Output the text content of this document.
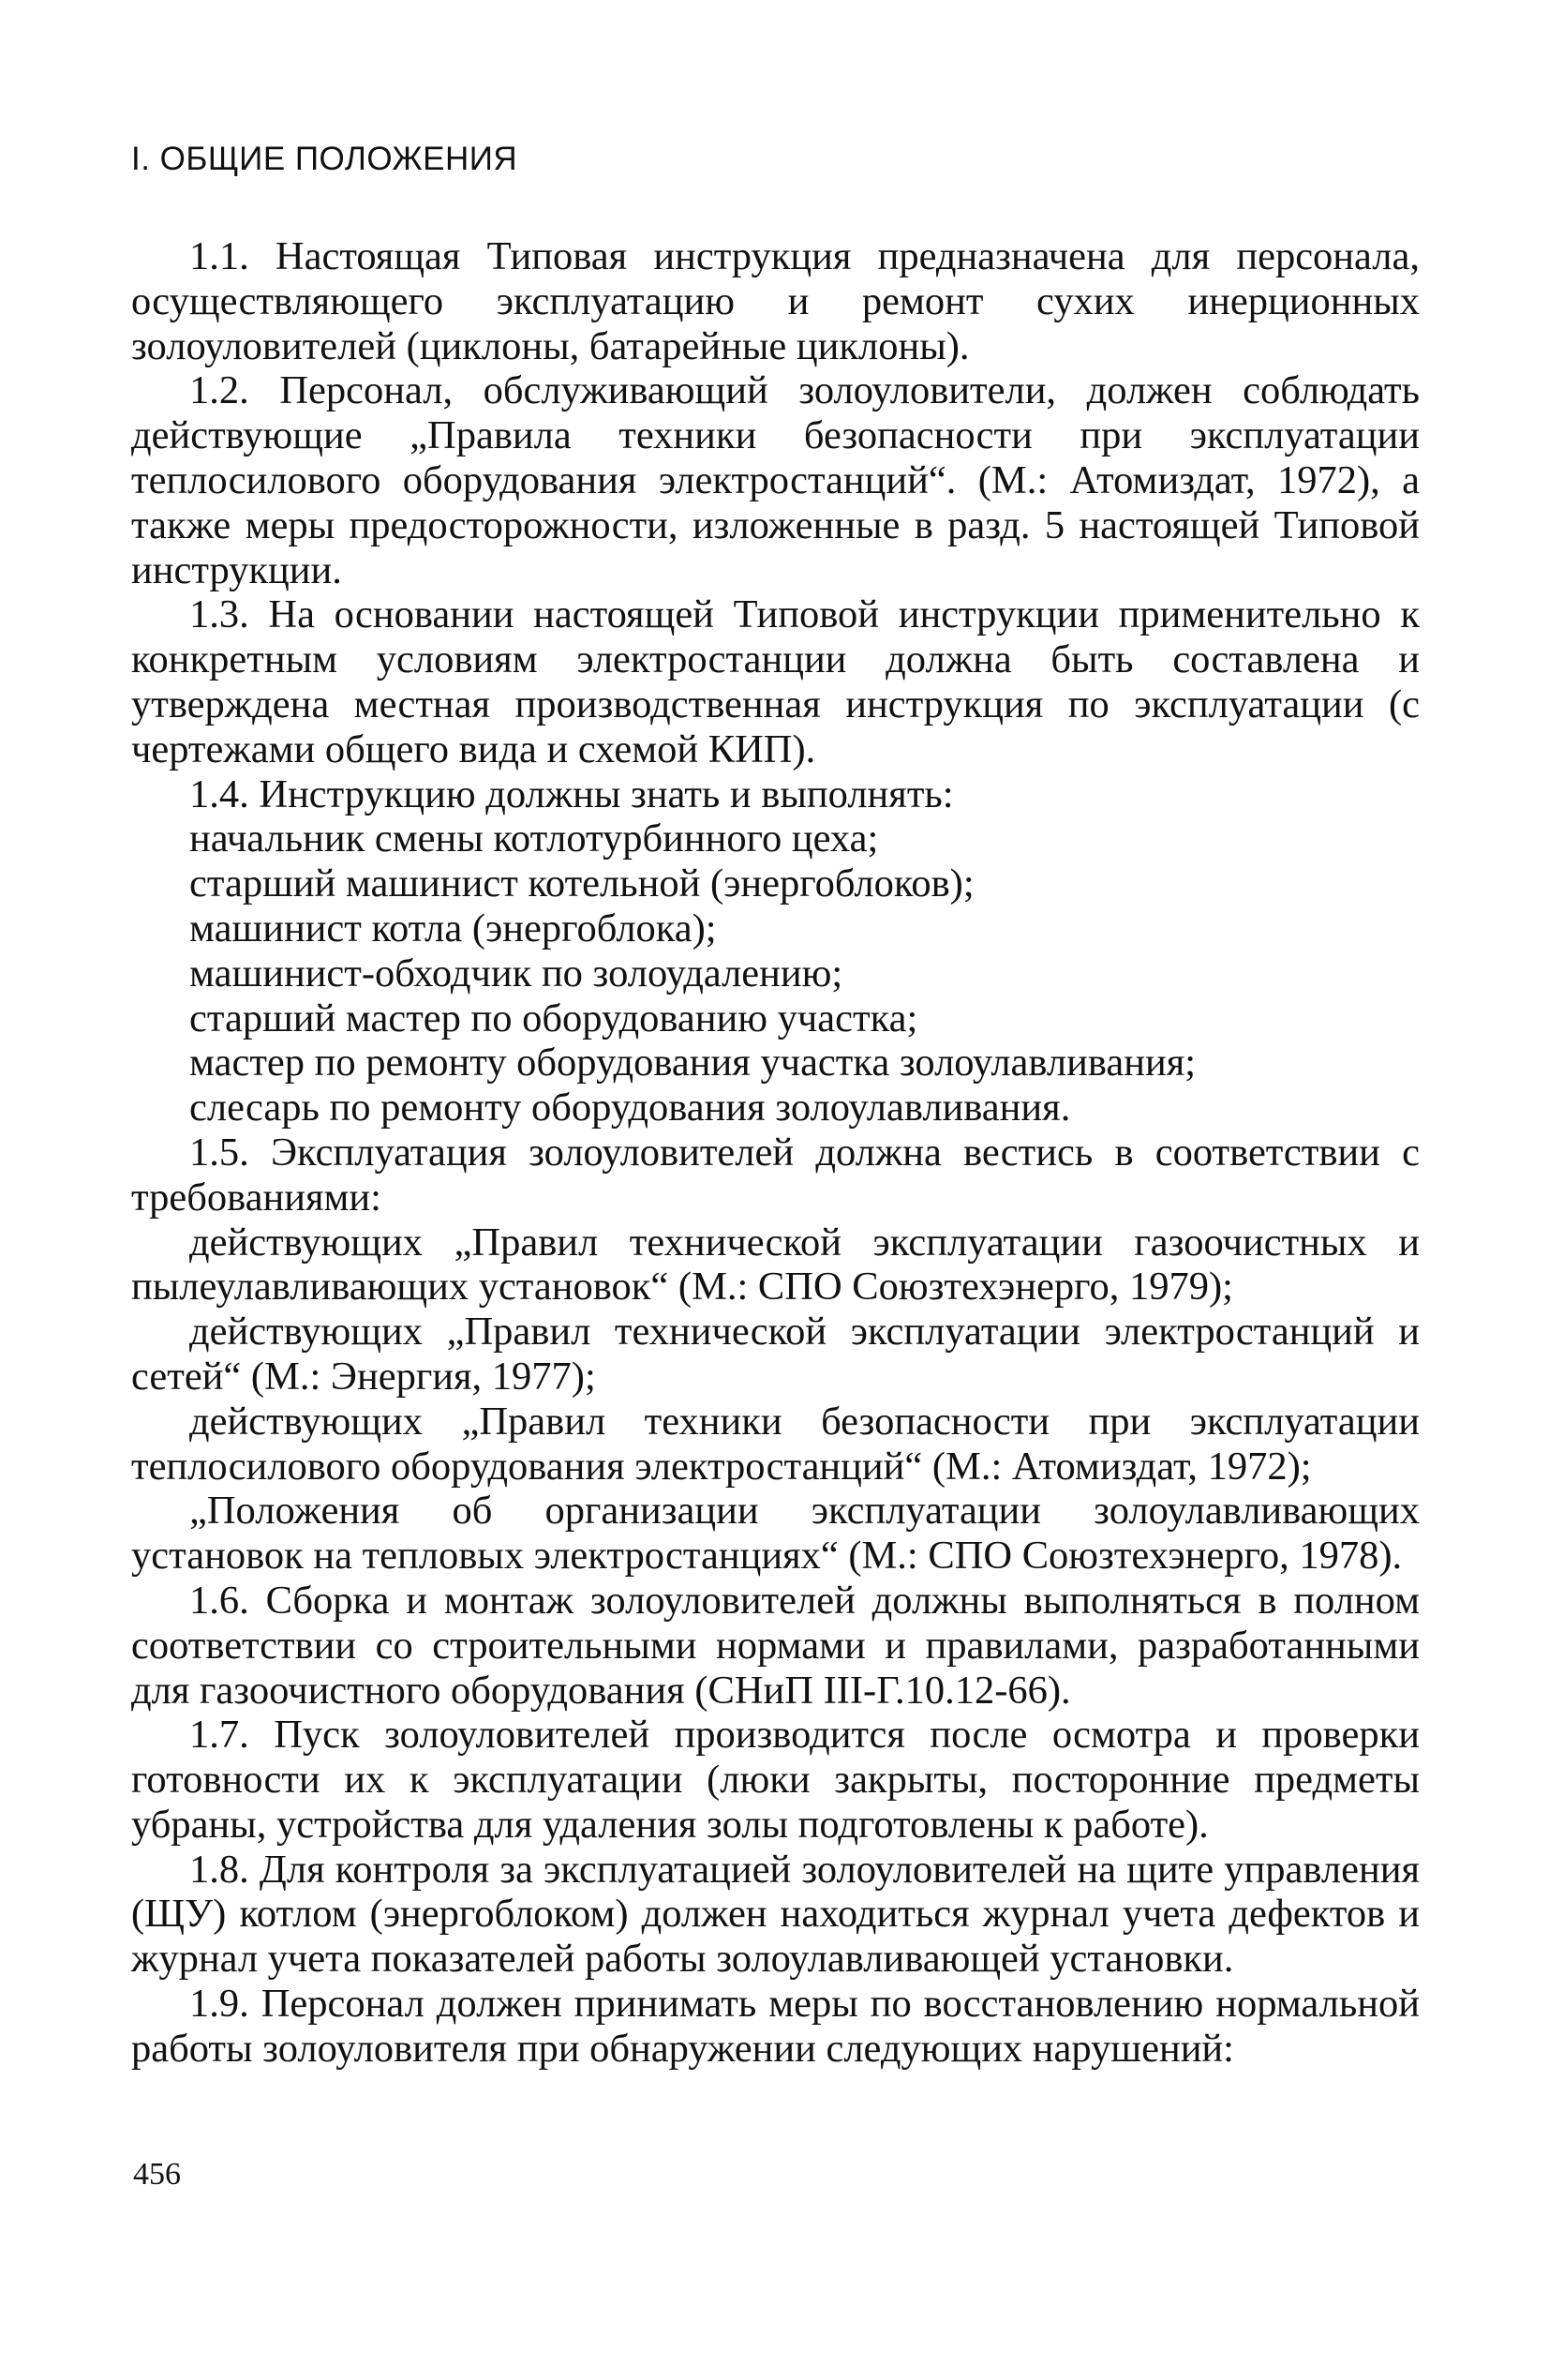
I. ОБЩИЕ ПОЛОЖЕНИЯ

1.1. Настоящая Типовая инструкция предназначена для персонала, осуществляющего эксплуатацию и ремонт сухих инерционных золоуловителей (циклоны, батарейные циклоны).

1.2. Персонал, обслуживающий золоуловители, должен соблюдать действующие „Правила техники безопасности при эксплуатации теплосилового оборудования электростанций“. (М.: Атомиздат, 1972), а также меры предосторожности, изложенные в разд. 5 настоящей Типовой инструкции.

1.3. На основании настоящей Типовой инструкции применительно к конкретным условиям электростанции должна быть составлена и утверждена местная производственная инструкция по эксплуатации (с чертежами общего вида и схемой КИП).

1.4. Инструкцию должны знать и выполнять:

начальник смены котлотурбинного цеха;

старший машинист котельной (энергоблоков);

машинист котла (энергоблока);

машинист-обходчик по золоудалению;

старший мастер по оборудованию участка;

мастер по ремонту оборудования участка золоулавливания;

слесарь по ремонту оборудования золоулавливания.

1.5. Эксплуатация золоуловителей должна вестись в соответствии с требованиями:

действующих „Правил технической эксплуатации газоочистных и пылеулавливающих установок“ (М.: СПО Союзтехэнерго, 1979);

действующих „Правил технической эксплуатации электростанций и сетей“ (М.: Энергия, 1977);

действующих „Правил техники безопасности при эксплуатации теплосилового оборудования электростанций“ (М.: Атомиздат, 1972);

„Положения об организации эксплуатации золоулавливающих установок на тепловых электростанциях“ (М.: СПО Союзтехэнерго, 1978).

1.6. Сборка и монтаж золоуловителей должны выполняться в полном соответствии со строительными нормами и правилами, разработанными для газоочистного оборудования (СНиП III-Г.10.12-66).

1.7. Пуск золоуловителей производится после осмотра и проверки готовности их к эксплуатации (люки закрыты, посторонние предметы убраны, устройства для удаления золы подготовлены к работе).

1.8. Для контроля за эксплуатацией золоуловителей на щите управления (ЩУ) котлом (энергоблоком) должен находиться журнал учета дефектов и журнал учета показателей работы золоулавливающей установки.

1.9. Персонал должен принимать меры по восстановлению нормальной работы золоуловителя при обнаружении следующих нарушений:

456
